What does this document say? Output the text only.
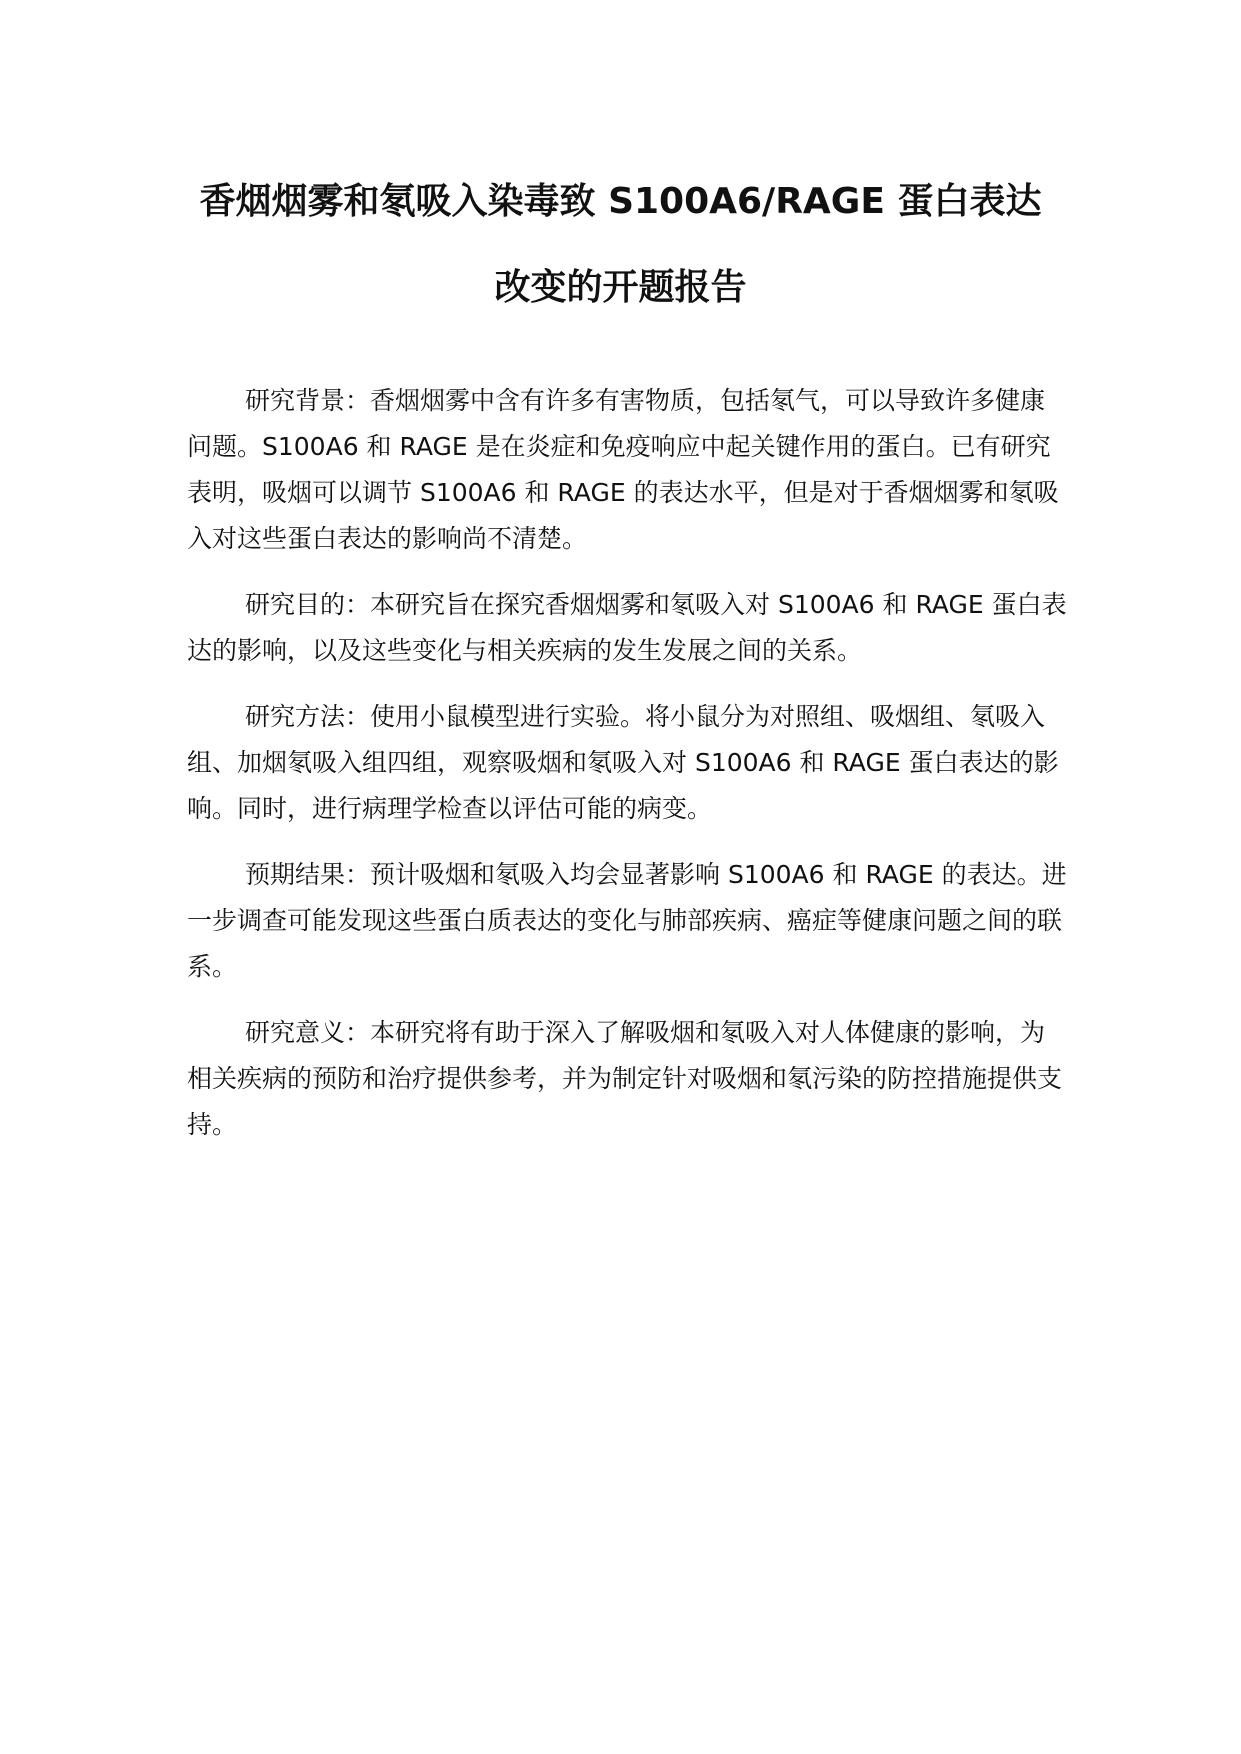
香烟烟雾和氡吸入染毒致 S100A6/RAGE 蛋白表达
改变的开题报告

研究背景：香烟烟雾中含有许多有害物质，包括氡气，可以导致许多健康问题。S100A6 和 RAGE 是在炎症和免疫响应中起关键作用的蛋白。已有研究表明，吸烟可以调节 S100A6 和 RAGE 的表达水平，但是对于香烟烟雾和氡吸入对这些蛋白表达的影响尚不清楚。

研究目的：本研究旨在探究香烟烟雾和氡吸入对 S100A6 和 RAGE 蛋白表达的影响，以及这些变化与相关疾病的发生发展之间的关系。

研究方法：使用小鼠模型进行实验。将小鼠分为对照组、吸烟组、氡吸入组、加烟氡吸入组四组，观察吸烟和氡吸入对 S100A6 和 RAGE 蛋白表达的影响。同时，进行病理学检查以评估可能的病变。

预期结果：预计吸烟和氡吸入均会显著影响 S100A6 和 RAGE 的表达。进一步调查可能发现这些蛋白质表达的变化与肺部疾病、癌症等健康问题之间的联系。

研究意义：本研究将有助于深入了解吸烟和氡吸入对人体健康的影响，为相关疾病的预防和治疗提供参考，并为制定针对吸烟和氡污染的防控措施提供支持。
